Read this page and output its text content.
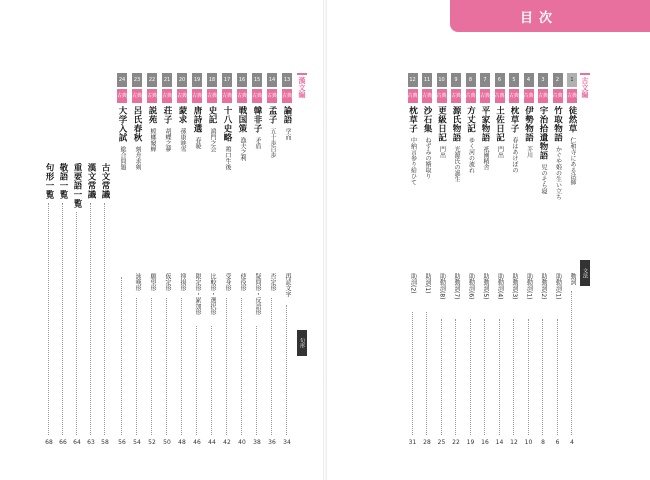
目次
古文編
文法
1
古典
徒然草
仁和寺にある法師
動詞
4
2
古典
竹取物語
かぐや姫の生い立ち
助動詞(1)
6
3
古典
宇治拾遺物語
児のそら寝
助動詞(2)
8
4
古典
伊勢物語
芥川
助動詞(1)
10
5
古典
枕草子
春はあけぼの
助動詞(3)
12
6
古典
土佐日記
門出
助動詞(4)
14
7
古典
平家物語
祇園精舎
助動詞(5)
16
8
古典
方丈記
ゆく河の流れ
助動詞(6)
19
9
古典
源氏物語
光源氏の誕生
助動詞(7)
22
10
古典
更級日記
門出
助動詞(8)
25
11
古典
沙石集
ねずみの婿取り
助詞(1)
28
12
古典
枕草子
中納言参り給ひて
助詞(2)
31
漢文編
句形
13
古典
論語
学而
再読文字
34
14
古典
孟子
五十歩百歩
否定形
36
15
古典
韓非子
矛盾
疑問形・反語形
38
16
古典
戦国策
漁夫之利
使役形
40
17
古典
十八史略
鶏口牛後
受身形
42
18
古典
史記
鴻門之会
比較形・選択形
44
19
古典
唐詩選
春暁
限定形・累加形
46
20
古典
蒙求
孫康映雪
抑揚形
48
21
古典
荘子
胡蝶之夢
仮定形
50
22
古典
説苑
螳螂窺蝉
願望形
52
23
古典
呂氏春秋
刻舟求剣
詠嘆形
54
24
古典
大学入試
総合問題
56
古文常識
58
漢文常識
63
重要語一覧
64
敬語一覧
66
句形一覧
68
